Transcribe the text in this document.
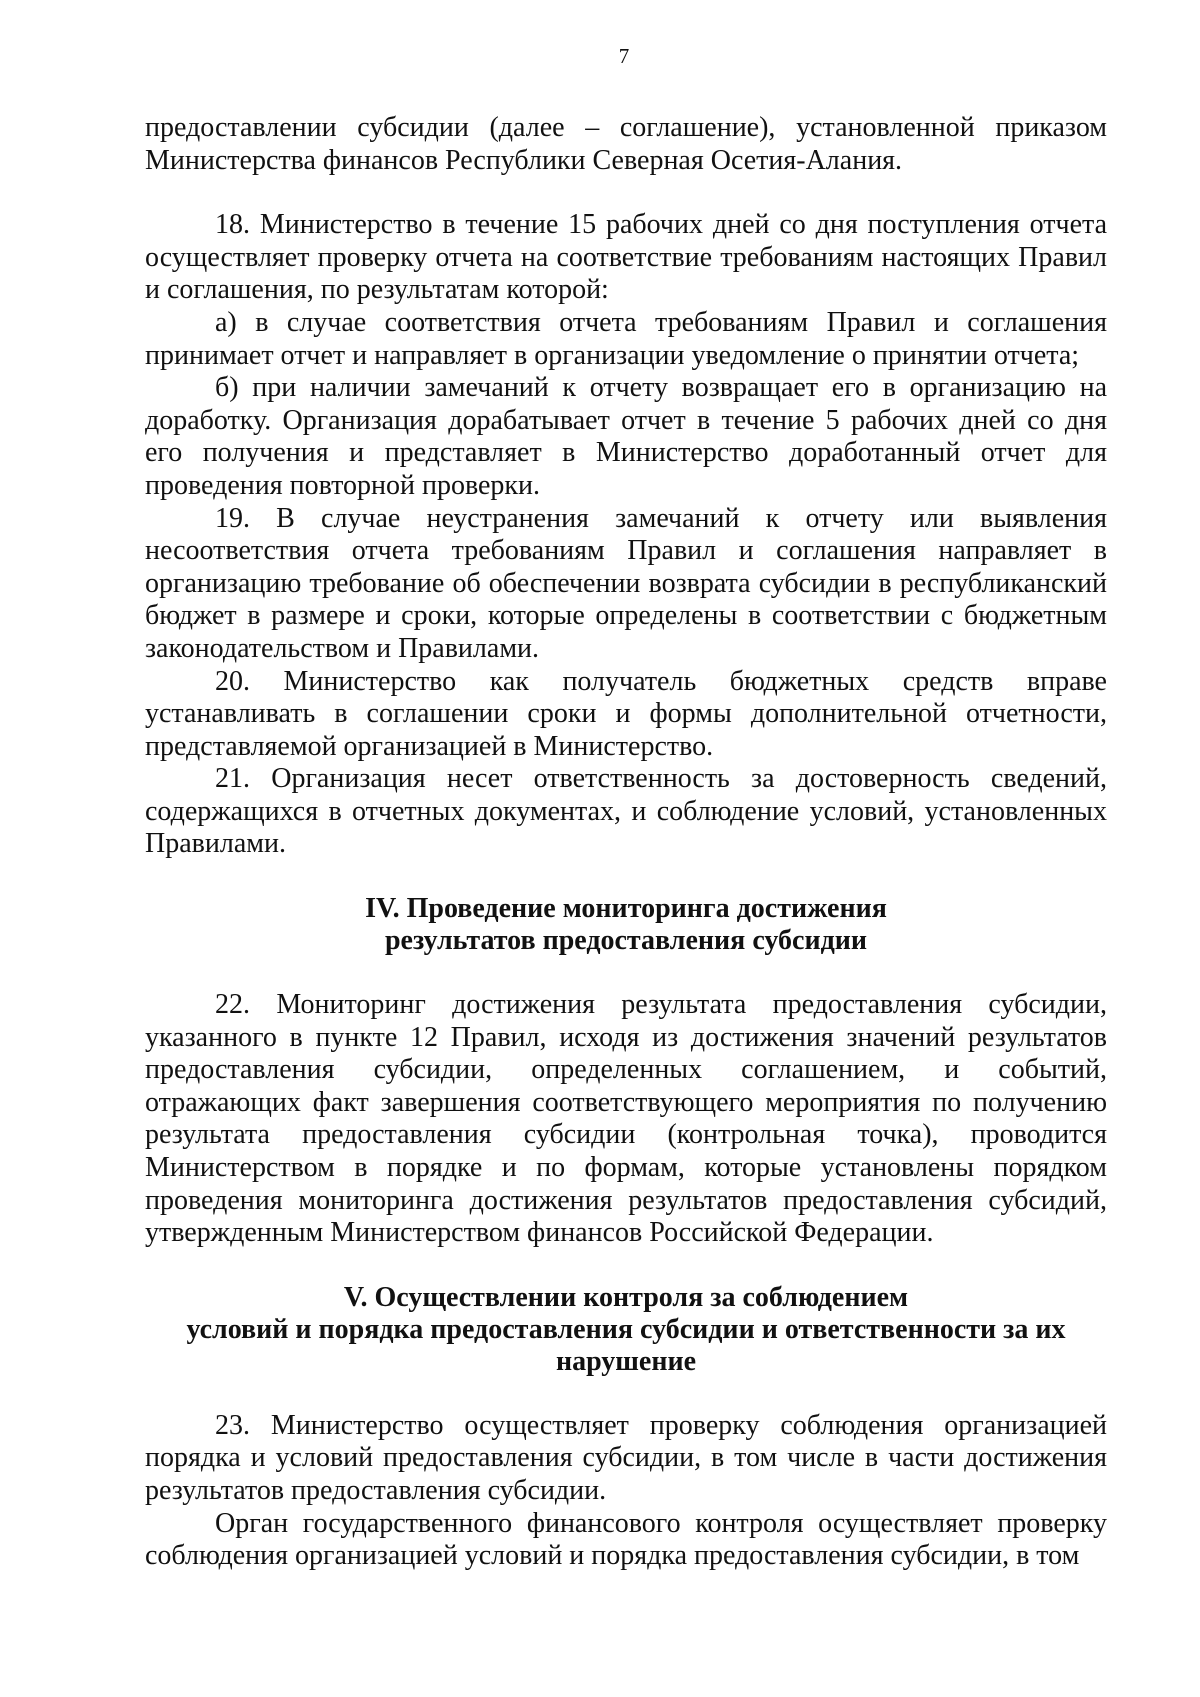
7

предоставлении субсидии (далее – соглашение), установленной приказом Министерства финансов Республики Северная Осетия-Алания.

18. Министерство в течение 15 рабочих дней со дня поступления отчета осуществляет проверку отчета на соответствие требованиям настоящих Правил и соглашения, по результатам которой:

а) в случае соответствия отчета требованиям Правил и соглашения принимает отчет и направляет в организации уведомление о принятии отчета;

б) при наличии замечаний к отчету возвращает его в организацию на доработку. Организация дорабатывает отчет в течение 5 рабочих дней со дня его получения и представляет в Министерство доработанный отчет для проведения повторной проверки.

19. В случае неустранения замечаний к отчету или выявления несоответствия отчета требованиям Правил и соглашения направляет в организацию требование об обеспечении возврата субсидии в республиканский бюджет в размере и сроки, которые определены в соответствии с бюджетным законодательством и Правилами.

20. Министерство как получатель бюджетных средств вправе устанавливать в соглашении сроки и формы дополнительной отчетности, представляемой организацией в Министерство.

21. Организация несет ответственность за достоверность сведений, содержащихся в отчетных документах, и соблюдение условий, установленных Правилами.

IV. Проведение мониторинга достижения
результатов предоставления субсидии

22. Мониторинг достижения результата предоставления субсидии, указанного в пункте 12 Правил, исходя из достижения значений результатов предоставления субсидии, определенных соглашением, и событий, отражающих факт завершения соответствующего мероприятия по получению результата предоставления субсидии (контрольная точка), проводится Министерством в порядке и по формам, которые установлены порядком проведения мониторинга достижения результатов предоставления субсидий, утвержденным Министерством финансов Российской Федерации.

V. Осуществлении контроля за соблюдением
условий и порядка предоставления субсидии и ответственности за их
нарушение

23. Министерство осуществляет проверку соблюдения организацией порядка и условий предоставления субсидии, в том числе в части достижения результатов предоставления субсидии.

Орган государственного финансового контроля осуществляет проверку соблюдения организацией условий и порядка предоставления субсидии, в том
